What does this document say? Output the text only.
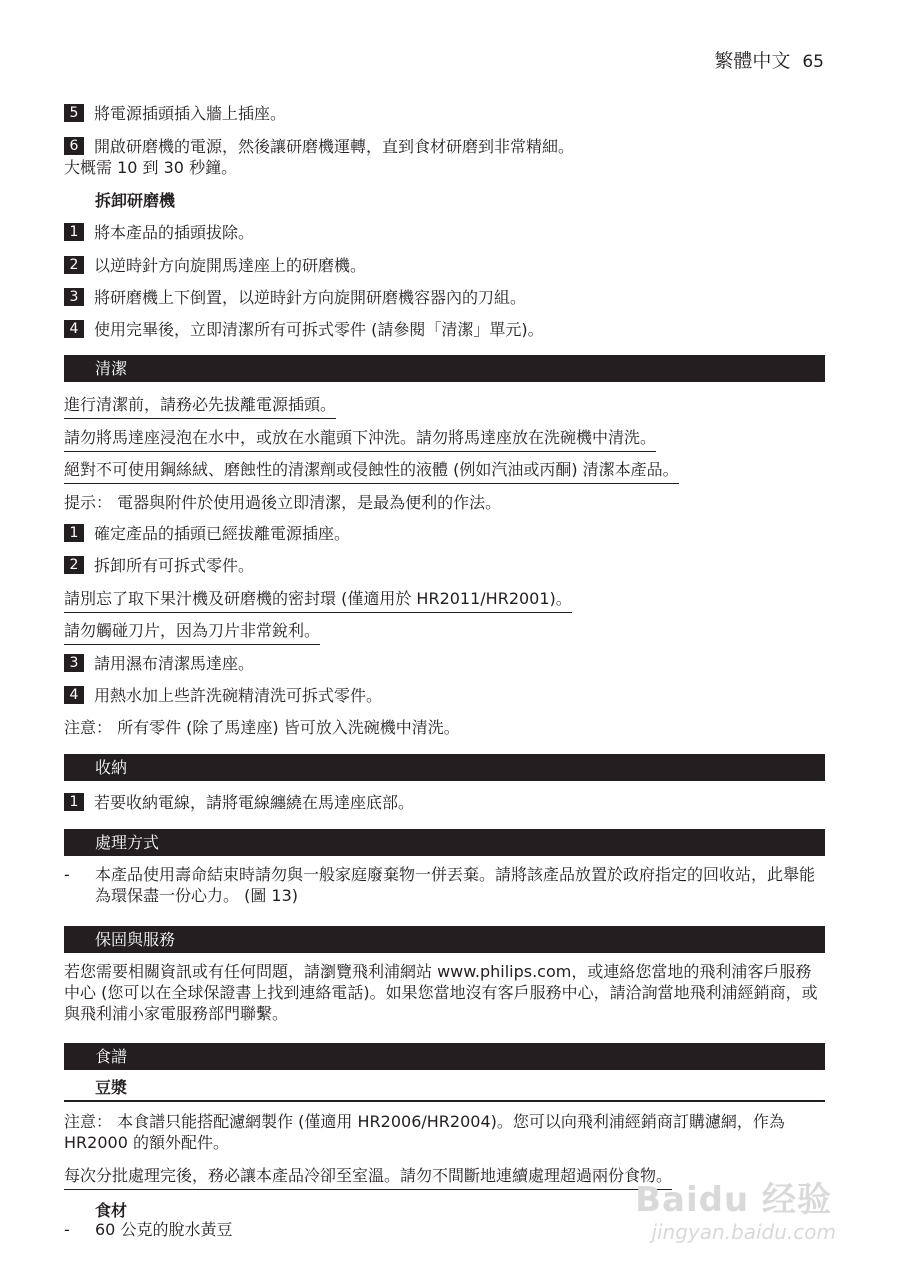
繁體中文 65
5 將電源插頭插入牆上插座。
6 開啟研磨機的電源，然後讓研磨機運轉，直到食材研磨到非常精細。
大概需 10 到 30 秒鐘。
拆卸研磨機
1 將本產品的插頭拔除。
2 以逆時針方向旋開馬達座上的研磨機。
3 將研磨機上下倒置，以逆時針方向旋開研磨機容器內的刀組。
4 使用完畢後，立即清潔所有可拆式零件 (請參閱「清潔」單元)。
清潔
進行清潔前，請務必先拔離電源插頭。
請勿將馬達座浸泡在水中，或放在水龍頭下沖洗。請勿將馬達座放在洗碗機中清洗。
絕對不可使用鋼絲絨、磨蝕性的清潔劑或侵蝕性的液體 (例如汽油或丙酮) 清潔本產品。
提示： 電器與附件於使用過後立即清潔，是最為便利的作法。
1 確定產品的插頭已經拔離電源插座。
2 拆卸所有可拆式零件。
請別忘了取下果汁機及研磨機的密封環 (僅適用於 HR2011/HR2001)。
請勿觸碰刀片，因為刀片非常銳利。
3 請用濕布清潔馬達座。
4 用熱水加上些許洗碗精清洗可拆式零件。
注意： 所有零件 (除了馬達座) 皆可放入洗碗機中清洗。
收納
1 若要收納電線，請將電線纏繞在馬達座底部。
處理方式
- 本產品使用壽命結束時請勿與一般家庭廢棄物一併丟棄。請將該產品放置於政府指定的回收站，此舉能為環保盡一份心力。 (圖 13)
保固與服務
若您需要相關資訊或有任何問題，請瀏覽飛利浦網站 www.philips.com，或連絡您當地的飛利浦客戶服務中心 (您可以在全球保證書上找到連絡電話)。如果您當地沒有客戶服務中心，請洽詢當地飛利浦經銷商，或與飛利浦小家電服務部門聯繫。
食譜
豆漿
注意： 本食譜只能搭配濾網製作 (僅適用 HR2006/HR2004)。您可以向飛利浦經銷商訂購濾網，作為 HR2000 的額外配件。
每次分批處理完後，務必讓本產品冷卻至室溫。請勿不間斷地連續處理超過兩份食物。
食材
- 60 公克的脫水黃豆
Baidu 经验
jingyan.baidu.com
